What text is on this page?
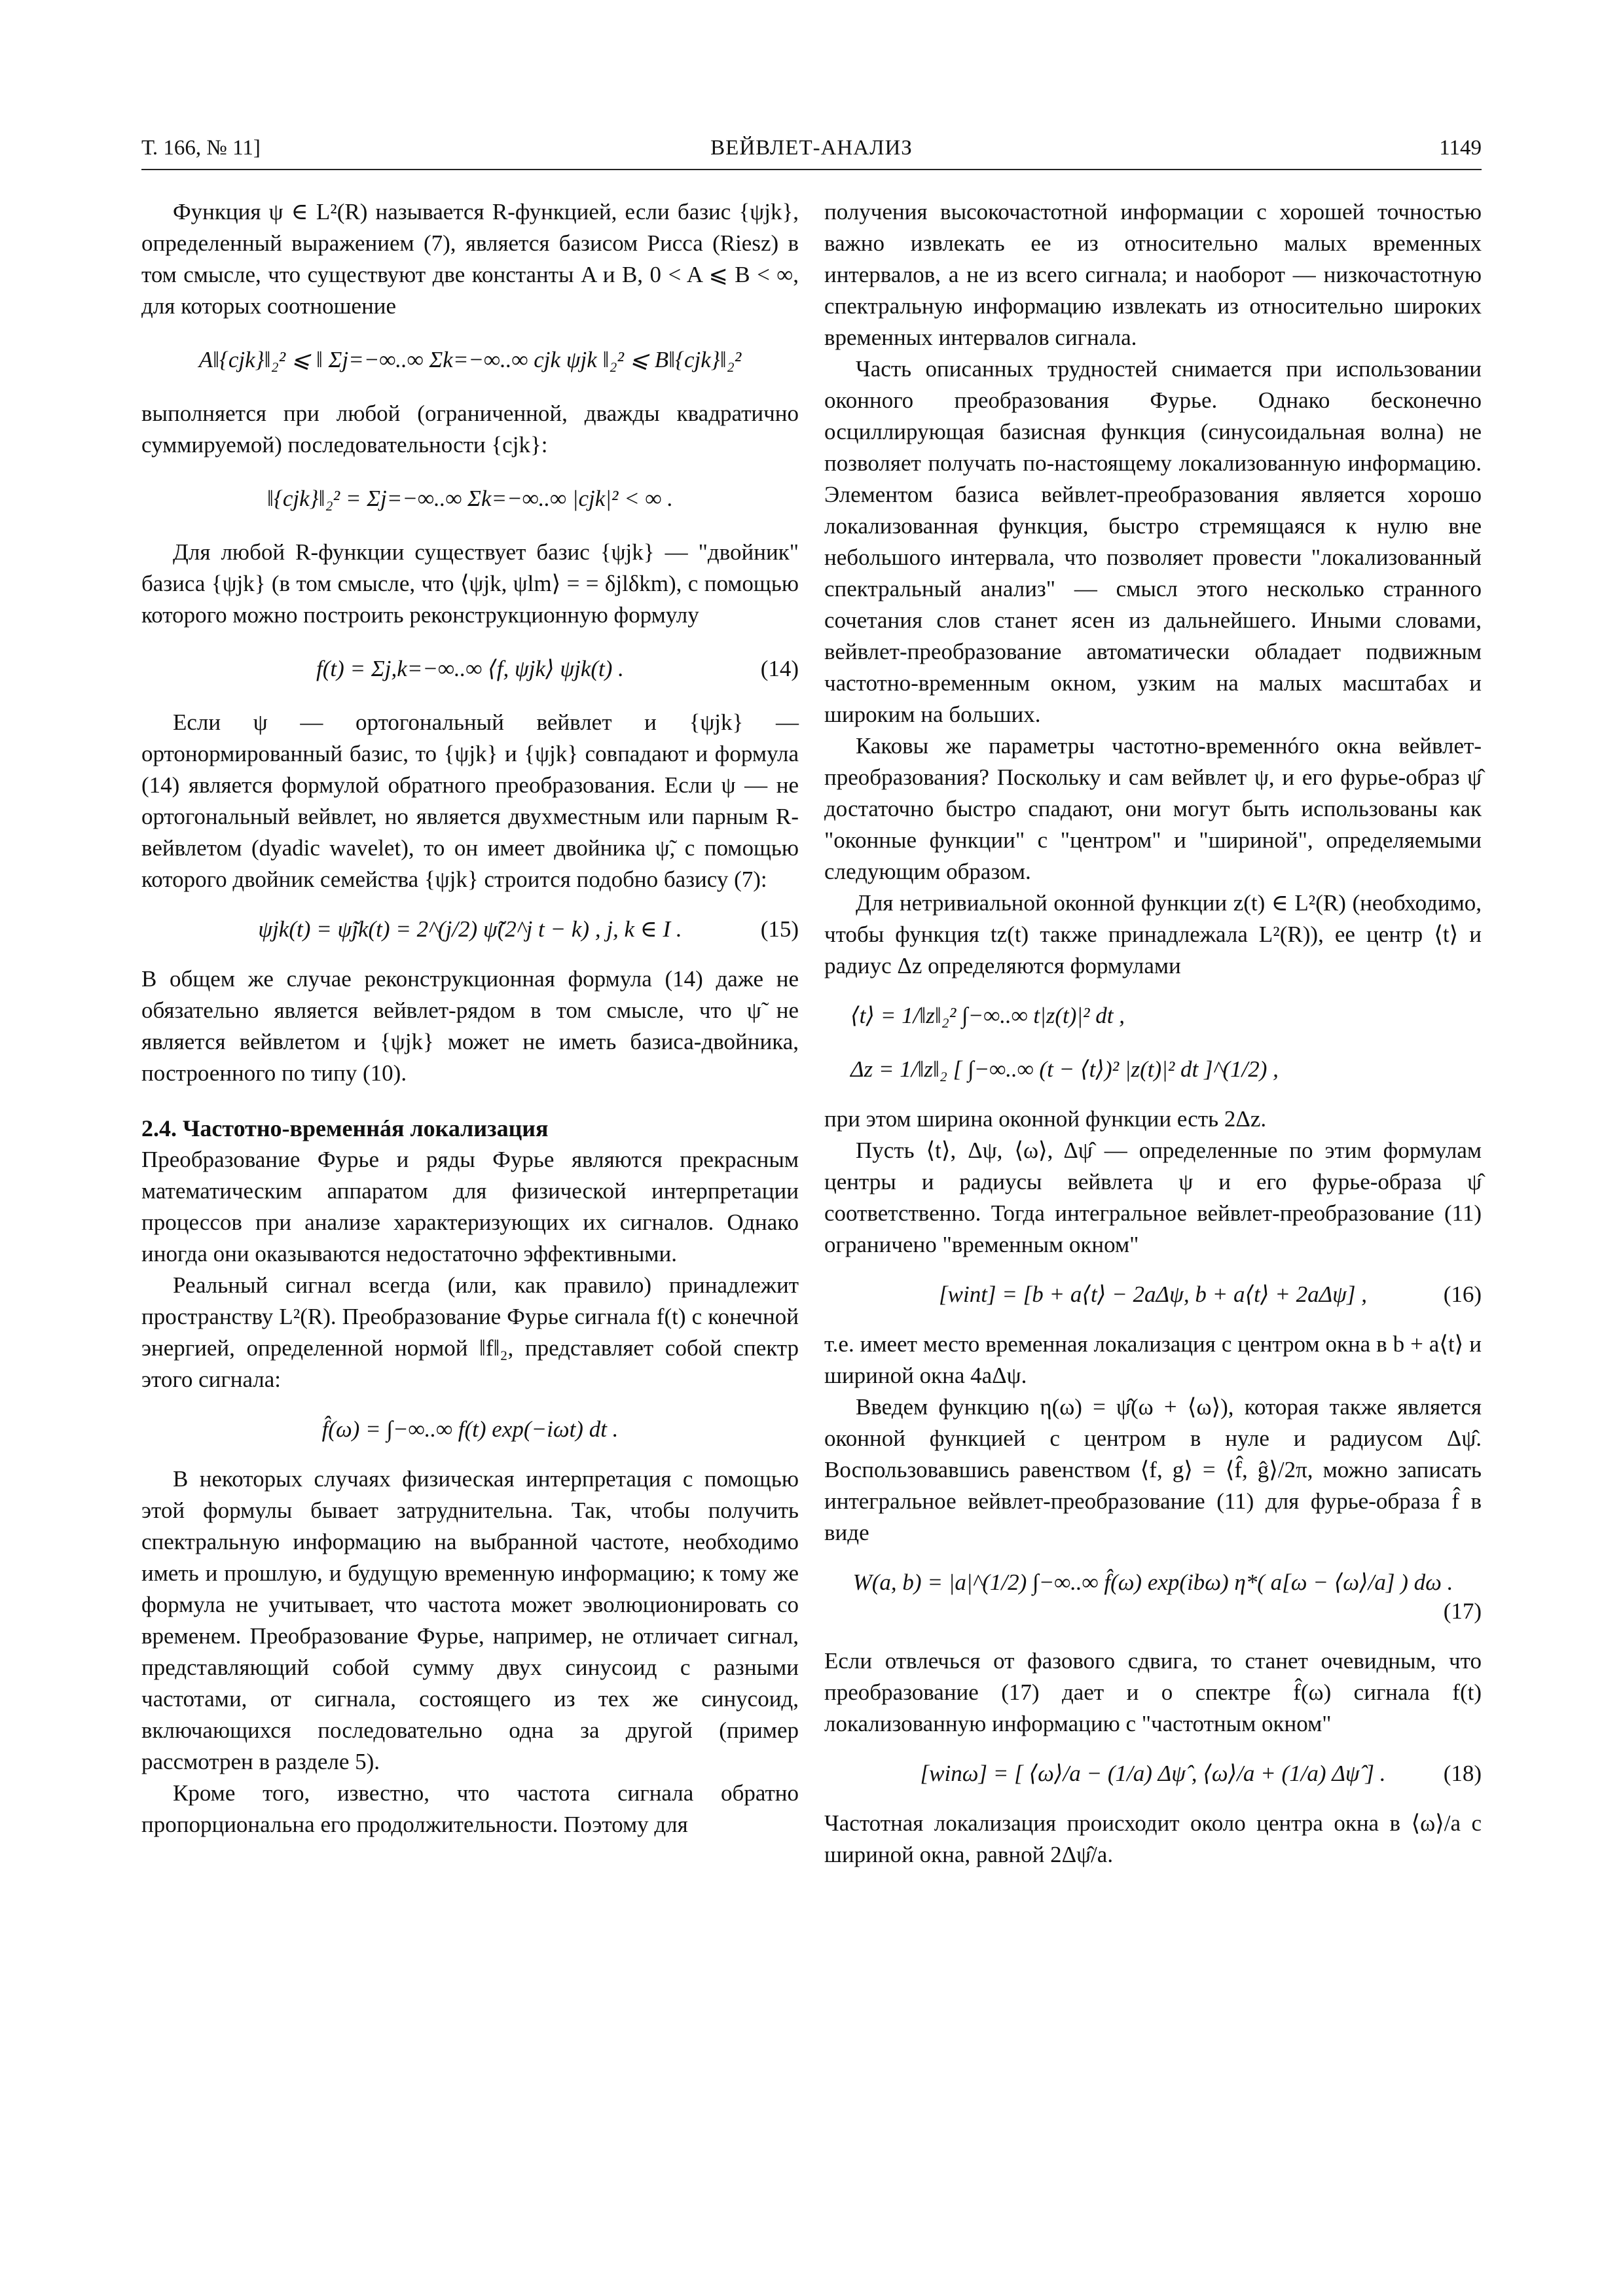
Т. 166, № 11]	ВЕЙВЛЕТ-АНАЛИЗ	1149

Функция ψ ∈ L²(R) называется R-функцией, если базис {ψjk}, определенный выражением (7), является базисом Рисса (Riesz) в том смысле, что существуют две константы A и B, 0 < A ⩽ B < ∞, для которых соотношение

A‖{cjk}‖₂² ⩽ ‖ Σj=−∞..∞ Σk=−∞..∞ cjk ψjk ‖₂² ⩽ B‖{cjk}‖₂²

выполняется при любой (ограниченной, дважды квадратично суммируемой) последовательности {cjk}:

‖{cjk}‖₂² = Σj=−∞..∞ Σk=−∞..∞ |cjk|² < ∞ .

Для любой R-функции существует базис {ψjk} — "двойник" базиса {ψjk} (в том смысле, что ⟨ψjk, ψlm⟩ = = δjlδkm), с помощью которого можно построить реконструкционную формулу

f(t) = Σj,k=−∞..∞ ⟨f, ψjk⟩ ψjk(t) .	(14)

Если ψ — ортогональный вейвлет и {ψjk} — ортонормированный базис, то {ψjk} и {ψjk} совпадают и формула (14) является формулой обратного преобразования. Если ψ — не ортогональный вейвлет, но является двухместным или парным R-вейвлетом (dyadic wavelet), то он имеет двойника ψ̃, с помощью которого двойник семейства {ψjk} строится подобно базису (7):

ψjk(t) = ψ̃jk(t) = 2^(j/2) ψ̃(2^j t − k) , j, k ∈ I .	(15)

В общем же случае реконструкционная формула (14) даже не обязательно является вейвлет-рядом в том смысле, что ψ̃ не является вейвлетом и {ψjk} может не иметь базиса-двойника, построенного по типу (10).

2.4. Частотно-временнáя локализация

Преобразование Фурье и ряды Фурье являются прекрасным математическим аппаратом для физической интерпретации процессов при анализе характеризующих их сигналов. Однако иногда они оказываются недостаточно эффективными.

Реальный сигнал всегда (или, как правило) принадлежит пространству L²(R). Преобразование Фурье сигнала f(t) с конечной энергией, определенной нормой ‖f‖₂, представляет собой спектр этого сигнала:

f̂(ω) = ∫−∞..∞ f(t) exp(−iωt) dt .

В некоторых случаях физическая интерпретация с помощью этой формулы бывает затруднительна. Так, чтобы получить спектральную информацию на выбранной частоте, необходимо иметь и прошлую, и будущую временную информацию; к тому же формула не учитывает, что частота может эволюционировать со временем. Преобразование Фурье, например, не отличает сигнал, представляющий собой сумму двух синусоид с разными частотами, от сигнала, состоящего из тех же синусоид, включающихся последовательно одна за другой (пример рассмотрен в разделе 5).

Кроме того, известно, что частота сигнала обратно пропорциональна его продолжительности. Поэтому для

получения высокочастотной информации с хорошей точностью важно извлекать ее из относительно малых временных интервалов, а не из всего сигнала; и наоборот — низкочастотную спектральную информацию извлекать из относительно широких временных интервалов сигнала.

Часть описанных трудностей снимается при использовании оконного преобразования Фурье. Однако бесконечно осциллирующая базисная функция (синусоидальная волна) не позволяет получать по-настоящему локализованную информацию. Элементом базиса вейвлет-преобразования является хорошо локализованная функция, быстро стремящаяся к нулю вне небольшого интервала, что позволяет провести "локализованный спектральный анализ" — смысл этого несколько странного сочетания слов станет ясен из дальнейшего. Иными словами, вейвлет-преобразование автоматически обладает подвижным частотно-временным окном, узким на малых масштабах и широким на больших.

Каковы же параметры частотно-временнóго окна вейвлет-преобразования? Поскольку и сам вейвлет ψ, и его фурье-образ ψ̂ достаточно быстро спадают, они могут быть использованы как "оконные функции" с "центром" и "шириной", определяемыми следующим образом.

Для нетривиальной оконной функции z(t) ∈ L²(R) (необходимо, чтобы функция tz(t) также принадлежала L²(R)), ее центр ⟨t⟩ и радиус Δz определяются формулами

⟨t⟩ = 1/‖z‖₂² ∫−∞..∞ t|z(t)|² dt ,
Δz = 1/‖z‖₂ [ ∫−∞..∞ (t − ⟨t⟩)² |z(t)|² dt ]^(1/2) ,

при этом ширина оконной функции есть 2Δz.

Пусть ⟨t⟩, Δψ, ⟨ω⟩, Δψ̂ — определенные по этим формулам центры и радиусы вейвлета ψ и его фурье-образа ψ̂ соответственно. Тогда интегральное вейвлет-преобразование (11) ограничено "временным окном"

[wint] = [b + a⟨t⟩ − 2aΔψ, b + a⟨t⟩ + 2aΔψ] ,	(16)

т.е. имеет место временная локализация с центром окна в b + a⟨t⟩ и шириной окна 4aΔψ.

Введем функцию η(ω) = ψ̂(ω + ⟨ω⟩), которая также является оконной функцией с центром в нуле и радиусом Δψ̂. Воспользовавшись равенством ⟨f, g⟩ = ⟨f̂, ĝ⟩/2π, можно записать интегральное вейвлет-преобразование (11) для фурье-образа f̂ в виде

W(a, b) = |a|^(1/2) ∫−∞..∞ f̂(ω) exp(ibω) η*( a[ω − ⟨ω⟩/a] ) dω .
(17)

Если отвлечься от фазового сдвига, то станет очевидным, что преобразование (17) дает и о спектре f̂(ω) сигнала f(t) локализованную информацию с "частотным окном"

[winω] = [ ⟨ω⟩/a − (1/a) Δψ̂ , ⟨ω⟩/a + (1/a) Δψ̂ ] .	(18)

Частотная локализация происходит около центра окна в ⟨ω⟩/a с шириной окна, равной 2Δψ̂/a.
